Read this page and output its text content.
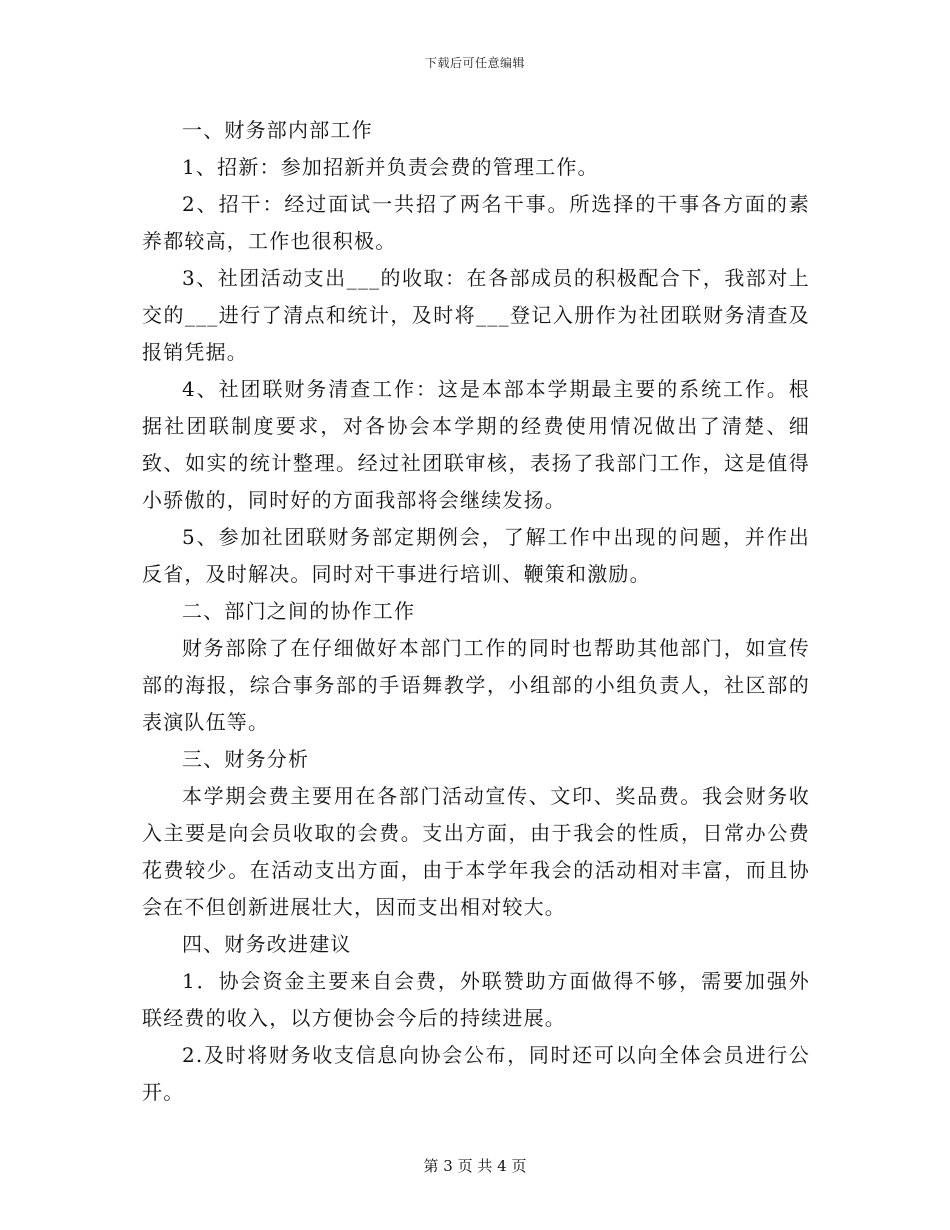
下载后可任意编辑

一、财务部内部工作

1、招新：参加招新并负责会费的管理工作。

2、招干：经过面试一共招了两名干事。所选择的干事各方面的素养都较高，工作也很积极。

3、社团活动支出___的收取：在各部成员的积极配合下，我部对上交的___进行了清点和统计，及时将___登记入册作为社团联财务清查及报销凭据。

4、社团联财务清查工作：这是本部本学期最主要的系统工作。根据社团联制度要求，对各协会本学期的经费使用情况做出了清楚、细致、如实的统计整理。经过社团联审核，表扬了我部门工作，这是值得小骄傲的，同时好的方面我部将会继续发扬。

5、参加社团联财务部定期例会，了解工作中出现的问题，并作出反省，及时解决。同时对干事进行培训、鞭策和激励。

二、部门之间的协作工作

财务部除了在仔细做好本部门工作的同时也帮助其他部门，如宣传部的海报，综合事务部的手语舞教学，小组部的小组负责人，社区部的表演队伍等。

三、财务分析

本学期会费主要用在各部门活动宣传、文印、奖品费。我会财务收入主要是向会员收取的会费。支出方面，由于我会的性质，日常办公费花费较少。在活动支出方面，由于本学年我会的活动相对丰富，而且协会在不但创新进展壮大，因而支出相对较大。

四、财务改进建议

1．协会资金主要来自会费，外联赞助方面做得不够，需要加强外联经费的收入，以方便协会今后的持续进展。

2.及时将财务收支信息向协会公布，同时还可以向全体会员进行公开。

第 3 页 共 4 页
